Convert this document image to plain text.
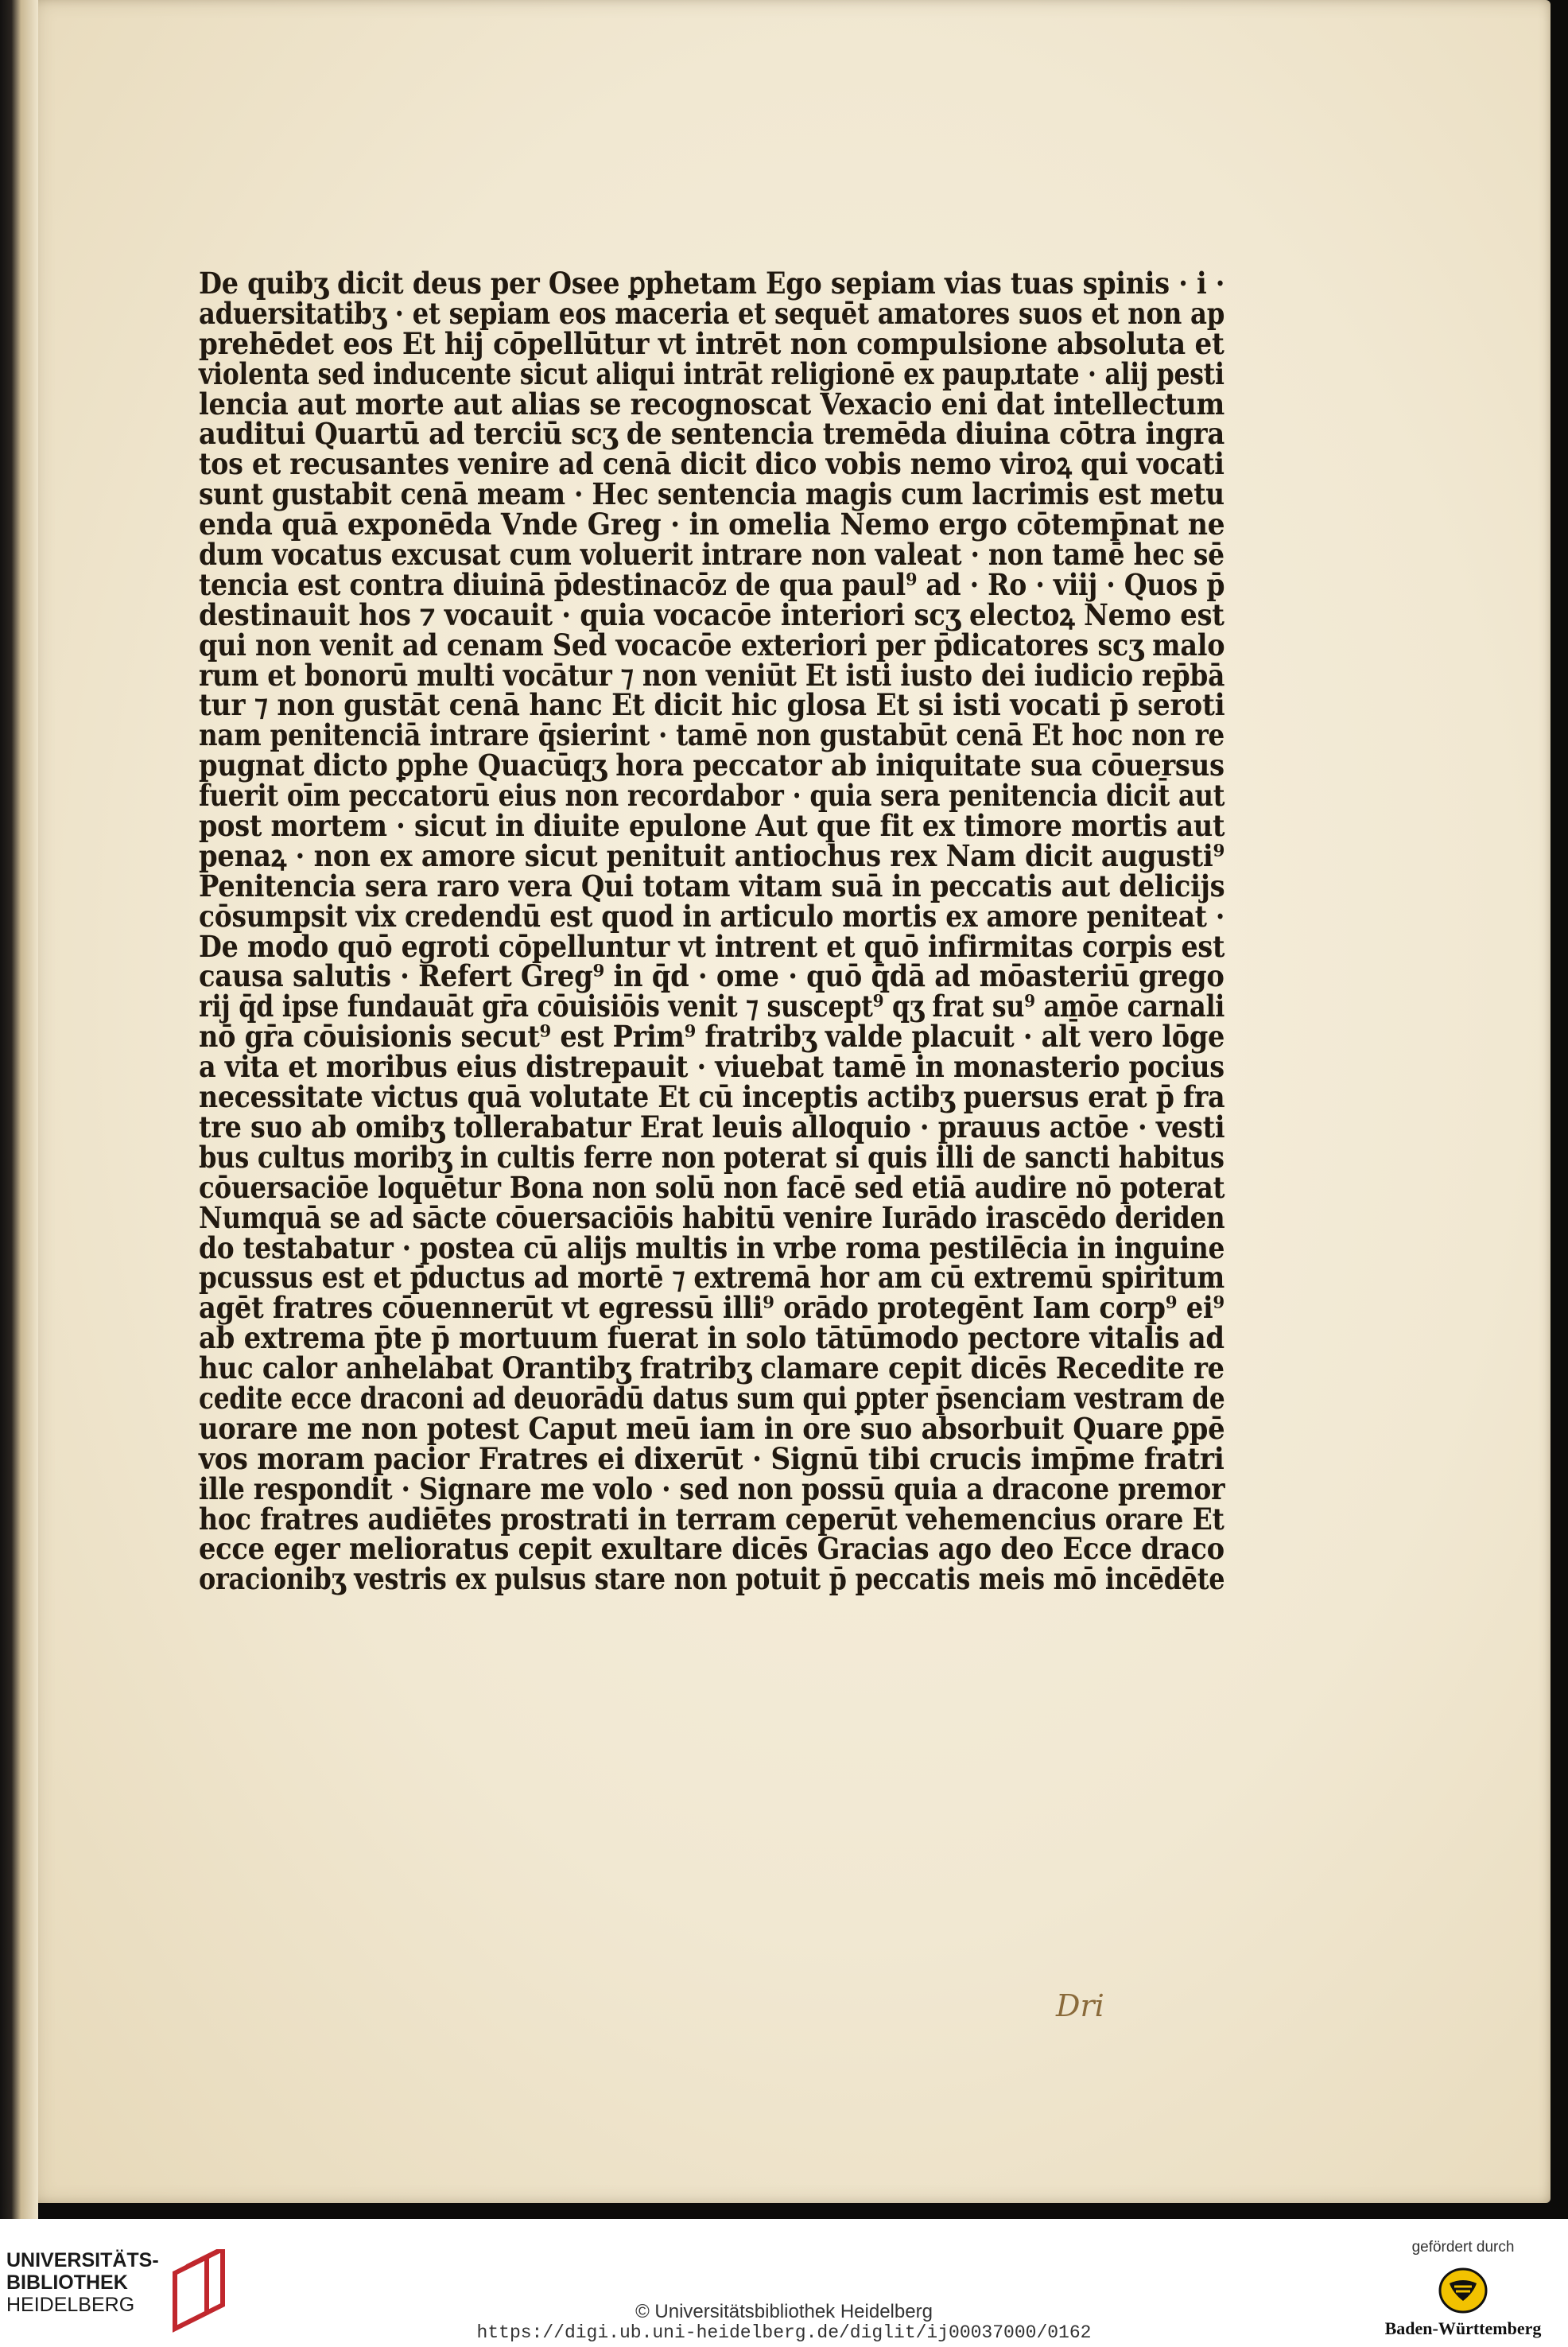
De quibʒ dicit deus per Osee ꝑphetam Ego sepiam vias tuas spinis · i ·
aduersitatibʒ · et sepiam eos maceria et sequēt amatores suos et non ap
prehēdet eos Et hij cōpellūtur vt intrēt non compulsione absoluta et
violenta sed inducente sicut aliqui intrāt religionē ex paupɹtate · alij pesti
lencia aut morte aut alias se recognoscat Vexacio eni dat intellectum
auditui Quartū ad terciū scʒ de sentencia tremēda diuina cōtra ingra
tos et recusantes venire ad cenā dicit dico vobis nemo viroꝝ qui vocati
sunt gustabit cenā meam · Hec sentencia magis cum lacrimis est metu
enda quā exponēda Vnde Greg · in omelia Nemo ergo cōtemp̄nat ne
dum vocatus excusat cum voluerit intrare non valeat · non tamē hec sē
tencia est contra diuinā p̄destinacōz de qua paul⁹ ad · Ro · viij · Quos p̄
destinauit hos ⁊ vocauit · quia vocacōe interiori scʒ electoꝝ Nemo est
qui non venit ad cenam Sed vocacōe exteriori per p̄dicatores scʒ malo
rum et bonorū multi vocātur ⁊ non veniūt Et isti iusto dei iudicio rep̄bā
tur ⁊ non gustāt cenā hanc Et dicit hic glosa Et si isti vocati p̄ seroti
nam penitenciā intrare q̄sierint · tamē non gustabūt cenā Et hoc non re
pugnat dicto ꝑphe Quacūqʒ hora peccator ab iniquitate sua cōuersus
fuerit oīm peccatorū eius non recordabor · quia sera penitencia dicit̄ aut
post mortem · sicut in diuite epulone Aut que fit ex timore mortis aut
penaꝝ · non ex amore sicut penituit antiochus rex Nam dicit augusti⁹
Penitencia sera raro vera Qui totam vitam suā in peccatis aut delicijs
cōsumpsit vix credendū est quod in articulo mortis ex amore peniteat ·
De modo quō egroti cōpelluntur vt intrent et quō infirmitas corpis est
causa salutis · Refert Greg⁹ in q̄d · ome · quō q̄dā ad mōasteriū grego
rij q̄d ipse fundauāt gr̄a cōuisiōis venit ⁊ suscept⁹ qʒ frat su⁹ amōe carnali
nō gr̄a cōuisionis secut⁹ est Prim⁹ fratribʒ valde placuit · alt̄ vero lōge
a vita et moribus eius distrepauit · viuebat tamē in monasterio pocius
necessitate victus quā volutate Et cū inceptis actibʒ puersus erat p̄ fra
tre suo ab omibʒ tollerabatur Erat leuis alloquio · prauus actōe · vesti
bus cultus moribʒ in cultis ferre non poterat si quis illi de sancti habitus
cōuersaciōe loquētur Bona non solū non facē sed etiā audire nō poterat
Numquā se ad sācte cōuersaciōis habitū venire Iurādo irascēdo deriden
do testabatur · postea cū alijs multis in vrbe roma pestilēcia in inguine
pcussus est et p̄ductus ad mortē ⁊ extremā hor am cū extremū spiritum
agēt fratres cōuennerūt vt egressū illi⁹ orādo protegēnt Iam corp⁹ ei⁹
ab extrema p̄te p̄ mortuum fuerat in solo tātūmodo pectore vitalis ad
huc calor anhelabat Orantibʒ fratribʒ clamare cepit dicēs Recedite re
cedite ecce draconi ad deuorādū datus sum qui ꝑpter p̄senciam vestram de
uorare me non potest Caput meū iam in ore suo absorbuit Quare ꝑpē
vos moram pacior Fratres ei dixerūt · Signū tibi crucis imp̄me fratri
ille respondit · Signare me volo · sed non possū quia a dracone premor
hoc fratres audiētes prostrati in terram ceperūt vehemencius orare Et
ecce eger melioratus cepit exultare dicēs Gracias ago deo Ecce draco
oracionibʒ vestris ex pulsus stare non potuit p̄ peccatis meis mō incēdēte
Dri
UNIVERSITÄTS-
BIBLIOTHEK
HEIDELBERG	© Universitätsbibliothek Heidelberg
https://digi.ub.uni-heidelberg.de/diglit/ij00037000/0162
gefördert durch
Baden-Württemberg
